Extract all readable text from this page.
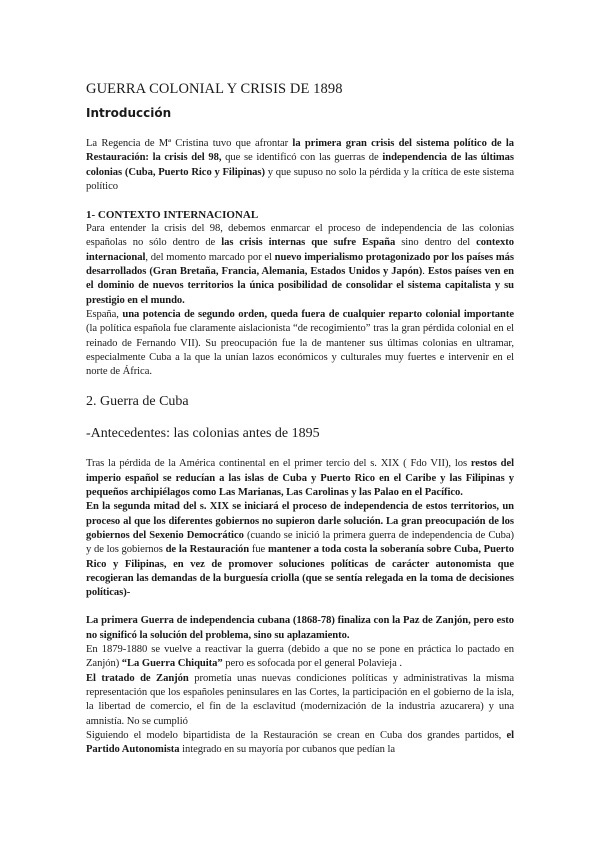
GUERRA COLONIAL Y CRISIS DE 1898
Introducción

La Regencia de Mª Cristina tuvo que afrontar la primera gran crisis del sistema político de la Restauración: la crisis del 98, que se identificó con las guerras de independencia de las últimas colonias (Cuba, Puerto Rico y Filipinas) y que supuso no solo la pérdida y la crítica de este sistema político

1- CONTEXTO INTERNACIONAL

Para entender la crisis del 98, debemos enmarcar el proceso de independencia de las colonias españolas no sólo dentro de las crisis internas que sufre España sino dentro del contexto internacional, del momento marcado por el nuevo imperialismo protagonizado por los países más desarrollados (Gran Bretaña, Francia, Alemania, Estados Unidos y Japón). Estos países ven en el dominio de nuevos territorios la única posibilidad de consolidar el sistema capitalista y su prestigio en el mundo.

España, una potencia de segundo orden, queda fuera de cualquier reparto colonial importante (la política española fue claramente aislacionista “de recogimiento” tras la gran pérdida colonial en el reinado de Fernando VII). Su preocupación fue la de mantener sus últimas colonias en ultramar, especialmente Cuba a la que la unían lazos económicos y culturales muy fuertes e intervenir en el norte de África.

2. Guerra de Cuba
-Antecedentes: las colonias antes de 1895

Tras la pérdida de la América continental en el primer tercio del s. XIX ( Fdo VII), los restos del imperio español se reducían a las islas de Cuba y Puerto Rico en el Caribe y las Filipinas y pequeños archipiélagos como Las Marianas, Las Carolinas y las Palao en el Pacífico.

En la segunda mitad del s. XIX se iniciará el proceso de independencia de estos territorios, un proceso al que los diferentes gobiernos no supieron darle solución. La gran preocupación de los gobiernos del Sexenio Democrático (cuando se inició la primera guerra de independencia de Cuba) y de los gobiernos de la Restauración fue mantener a toda costa la soberanía sobre Cuba, Puerto Rico y Filipinas, en vez de promover soluciones políticas de carácter autonomista que recogieran las demandas de la burguesía criolla (que se sentía relegada en la toma de decisiones políticas)-

La primera Guerra de independencia cubana (1868-78) finaliza con la Paz de Zanjón, pero esto no significó la solución del problema, sino su aplazamiento.

En 1879-1880 se vuelve a reactivar la guerra (debido a que no se pone en práctica lo pactado en Zanjón) “La Guerra Chiquita” pero es sofocada por el general Polavieja .

El tratado de Zanjón prometía unas nuevas condiciones políticas y administrativas la misma representación que los españoles peninsulares en las Cortes, la participación en el gobierno de la isla, la libertad de comercio, el fin de la esclavitud (modernización de la industria azucarera) y una amnistía. No se cumplió

Siguiendo el modelo bipartidista de la Restauración se crean en Cuba dos grandes partidos, el Partido Autonomista integrado en su mayoría por cubanos que pedían la
